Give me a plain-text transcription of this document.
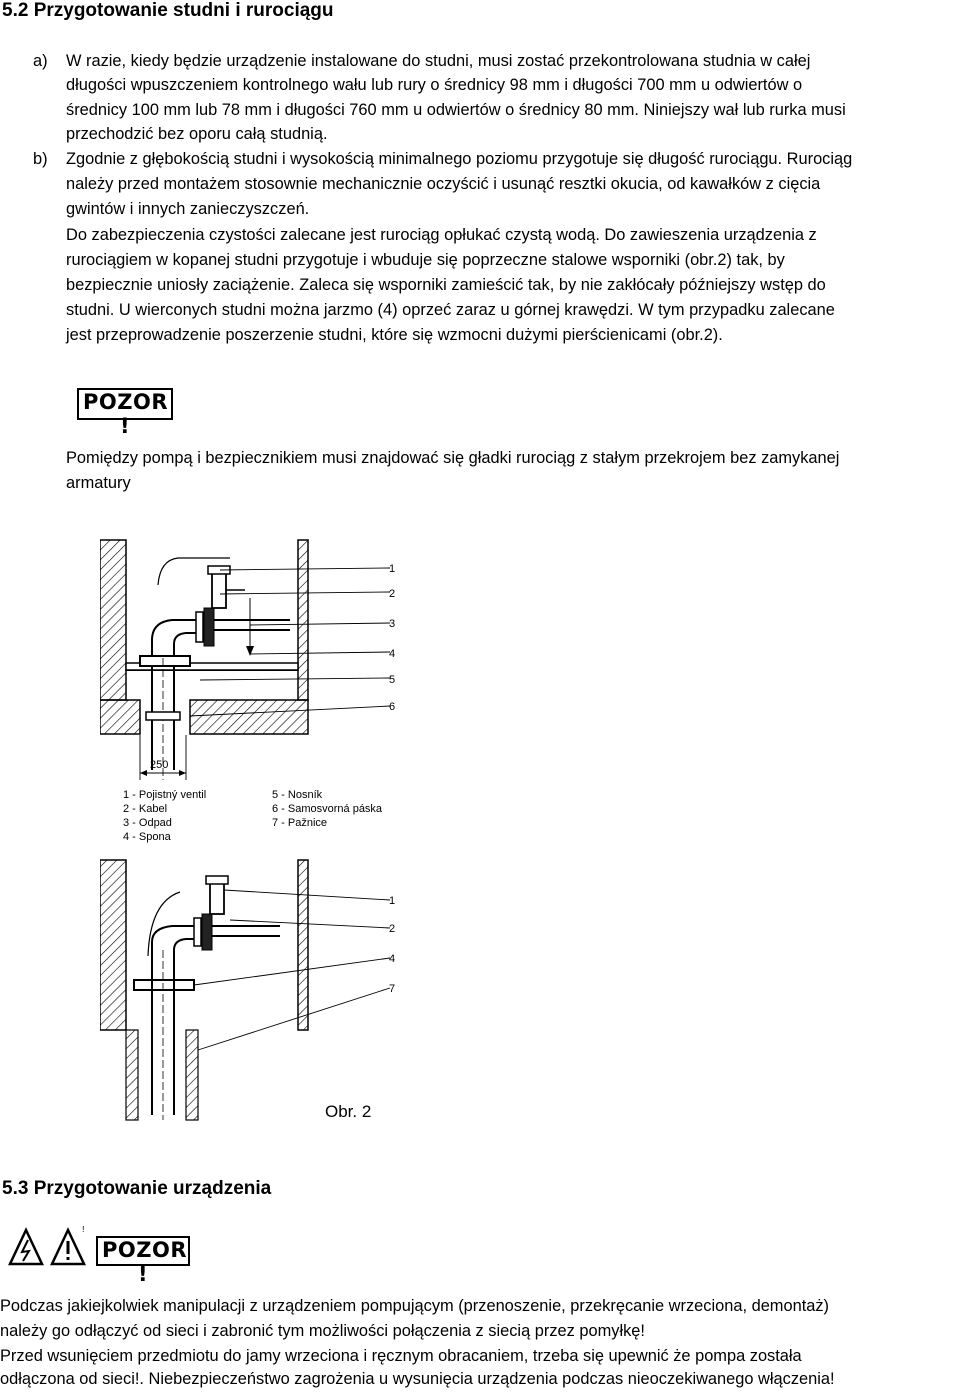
5.2 Przygotowanie studni i rurociągu
a) W razie, kiedy będzie urządzenie instalowane do studni, musi zostać przekontrolowana studnia w całej
długości wpuszczeniem kontrolnego wału lub rury o średnicy 98 mm i długości 700 mm u odwiertów o
średnicy 100 mm lub 78 mm i długości 760 mm u odwiertów o średnicy 80 mm. Niniejszy wał lub rurka musi
przechodzić bez oporu całą studnią.
b) Zgodnie z głębokością studni i wysokością minimalnego poziomu przygotuje się długość rurociągu. Rurociąg
należy przed montażem stosownie mechanicznie oczyścić i usunąć resztki okucia, od kawałków z cięcia
gwintów i innych zanieczyszczeń.
Do zabezpieczenia czystości zalecane jest rurociąg opłukać czystą wodą. Do zawieszenia urządzenia z
rurociągiem w kopanej studni przygotuje i wbuduje się poprzeczne stalowe wsporniki (obr.2) tak, by
bezpiecznie uniosły zaciążenie. Zaleca się wsporniki zamieścić tak, by nie zakłócały późniejszy wstęp do
studni. U wierconych studni można jarzmo (4) oprzeć zaraz u górnej krawędzi. W tym przypadku zalecane
jest przeprowadzenie poszerzenie studni, które się wzmocni dużymi pierścienicami (obr.2).
POZOR !
Pomiędzy pompą i bezpiecznikiem musi znajdować się gładki rurociąg z stałym przekrojem bez zamykanej
armatury
1
2
3
4
5
6
250
1
2
4
7
Obr. 2
1 - Pojistný ventil
2 - Kabel
3 - Odpad
4 - Spona
5 - Nosník
6 - Samosvorná páska
7 - Pažnice
5.3 Przygotowanie urządzenia
!
POZOR !
Podczas jakiejkolwiek manipulacji z urządzeniem pompującym (przenoszenie, przekręcanie wrzeciona, demontaż)
należy go odłączyć od sieci i zabronić tym możliwości połączenia z siecią przez pomyłkę!
Przed wsunięciem przedmiotu do jamy wrzeciona i ręcznym obracaniem, trzeba się upewnić że pompa została
odłączona od sieci!. Niebezpieczeństwo zagrożenia u wysunięcia urządzenia podczas nieoczekiwanego włączenia!
